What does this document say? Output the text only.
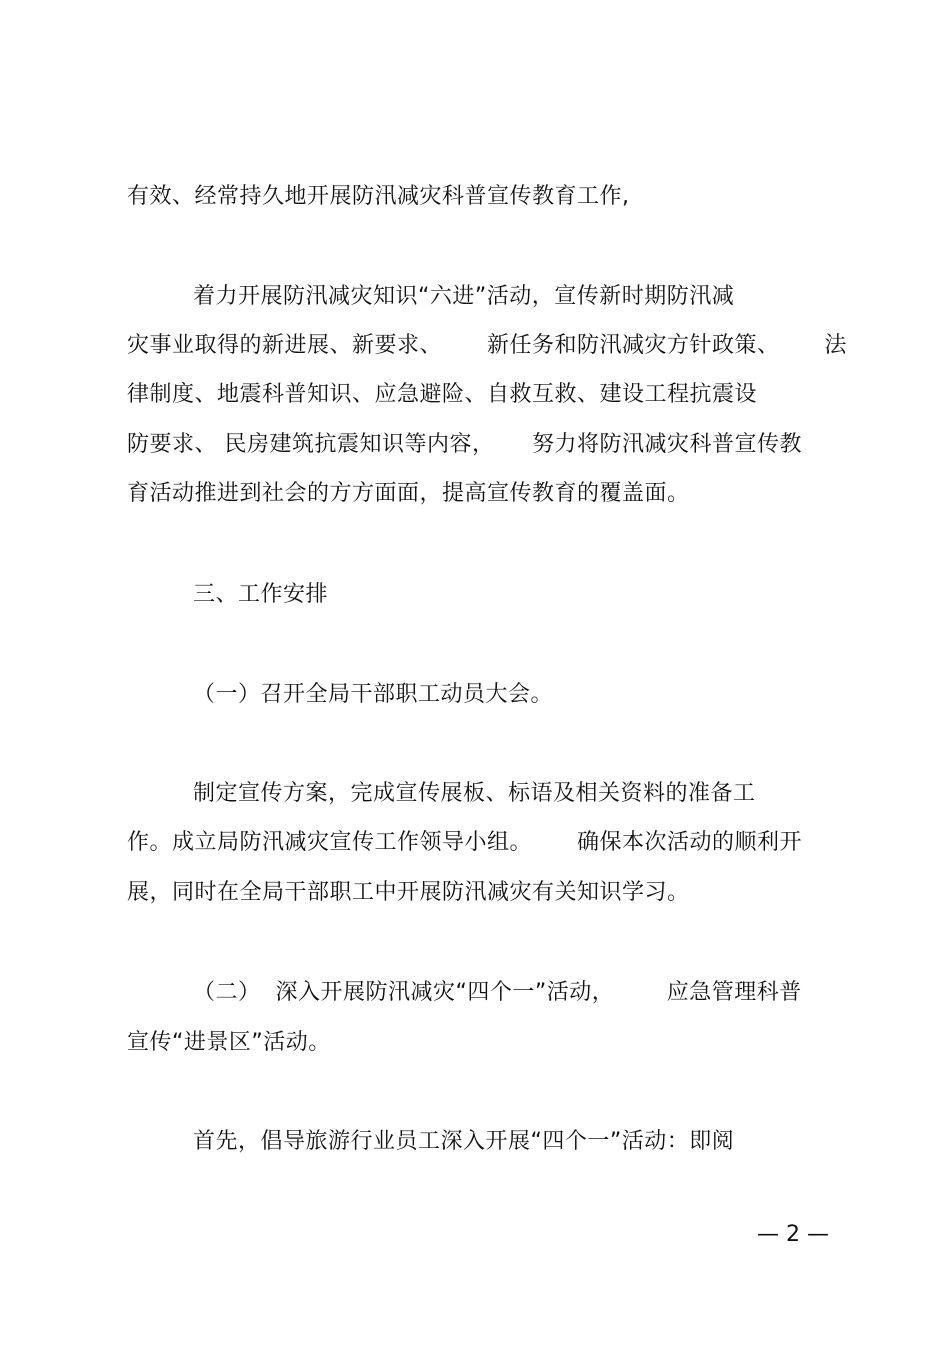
有效、经常持久地开展防汛减灾科普宣传教育工作,
着力开展防汛减灾知识“六进”活动，宣传新时期防汛减
灾事业取得的新进展、新要求、      新任务和防汛减灾方针政策、      法
律制度、地震科普知识、应急避险、自救互救、建设工程抗震设
防要求、 民房建筑抗震知识等内容，     努力将防汛减灾科普宣传教
育活动推进到社会的方方面面，提高宣传教育的覆盖面。
三、工作安排
（一）召开全局干部职工动员大会。
制定宣传方案，完成宣传展板、标语及相关资料的准备工
作。成立局防汛减灾宣传工作领导小组。      确保本次活动的顺利开
展，同时在全局干部职工中开展防汛减灾有关知识学习。
（二）  深入开展防汛减灾“四个一”活动，       应急管理科普
宣传“进景区”活动。
首先，倡导旅游行业员工深入开展“四个一”活动：即阅
— 2 —
